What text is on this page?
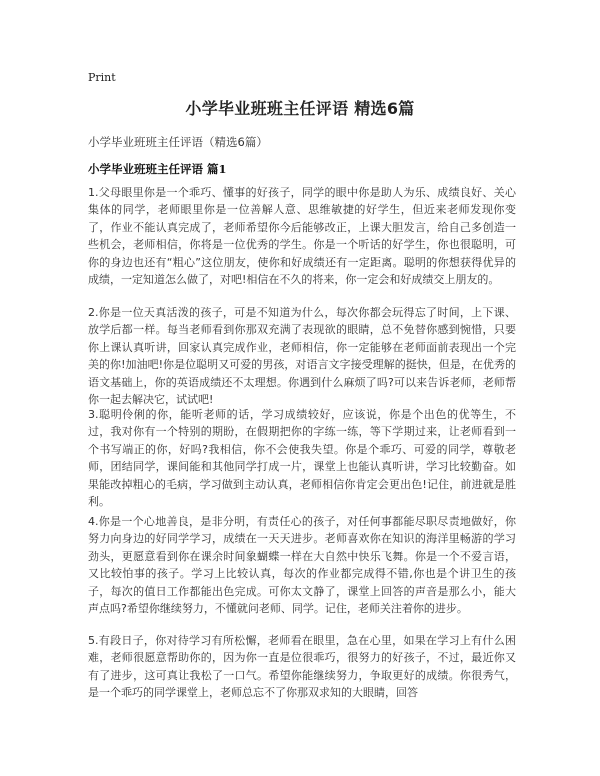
Print
小学毕业班班主任评语 精选6篇
小学毕业班班主任评语（精选6篇）
小学毕业班班主任评语 篇1

1.父母眼里你是一个乖巧、懂事的好孩子，同学的眼中你是助人为乐、成绩良好、关心集体的同学，老师眼里你是一位善解人意、思维敏捷的好学生，但近来老师发现你变了，作业不能认真完成了，老师希望你今后能够改正，上课大胆发言，给自己多创造一些机会，老师相信，你将是一位优秀的学生。你是一个听话的好学生，你也很聪明，可你的身边也还有“粗心”这位朋友，使你和好成绩还有一定距离。聪明的你想获得优异的成绩，一定知道怎么做了，对吧!相信在不久的将来，你一定会和好成绩交上朋友的。

2.你是一位天真活泼的孩子，可是不知道为什么，每次你都会玩得忘了时间，上下课、放学后都一样。每当老师看到你那双充满了表现欲的眼睛，总不免替你感到惋惜，只要你上课认真听讲，回家认真完成作业，老师相信，你一定能够在老师面前表现出一个完美的你!加油吧!你是位聪明又可爱的男孩，对语言文字接受理解的挺快，但是，在优秀的语文基础上，你的英语成绩还不太理想。你遇到什么麻烦了吗?可以来告诉老师，老师帮你一起去解决它，试试吧!

3.聪明伶俐的你，能听老师的话，学习成绩较好，应该说，你是个出色的优等生，不过，我对你有一个特别的期盼，在假期把你的字练一练，等下学期过来，让老师看到一个书写端正的你，好吗?我相信，你不会使我失望。你是个乖巧、可爱的同学，尊敬老师，团结同学，课间能和其他同学打成一片，课堂上也能认真听讲，学习比较勤奋。如果能改掉粗心的毛病，学习做到主动认真，老师相信你肯定会更出色!记住，前进就是胜利。

4.你是一个心地善良，是非分明，有责任心的孩子，对任何事都能尽职尽责地做好，你努力向身边的好同学学习，成绩在一天天进步。老师喜欢你在知识的海洋里畅游的学习劲头，更愿意看到你在课余时间象蝴蝶一样在大自然中快乐飞舞。你是一个不爱言语，又比较怕事的孩子。学习上比较认真，每次的作业都完成得不错,你也是个讲卫生的孩子，每次的值日工作都能出色完成。可你太文静了，课堂上回答的声音是那么小，能大声点吗?希望你继续努力，不懂就问老师、同学。记住，老师关注着你的进步。

5.有段日子，你对待学习有所松懈，老师看在眼里，急在心里，如果在学习上有什么困难，老师很愿意帮助你的，因为你一直是位很乖巧，很努力的好孩子，不过，最近你又有了进步，这可真让我松了一口气。希望你能继续努力，争取更好的成绩。你很秀气，是一个乖巧的同学课堂上，老师总忘不了你那双求知的大眼睛，回答
